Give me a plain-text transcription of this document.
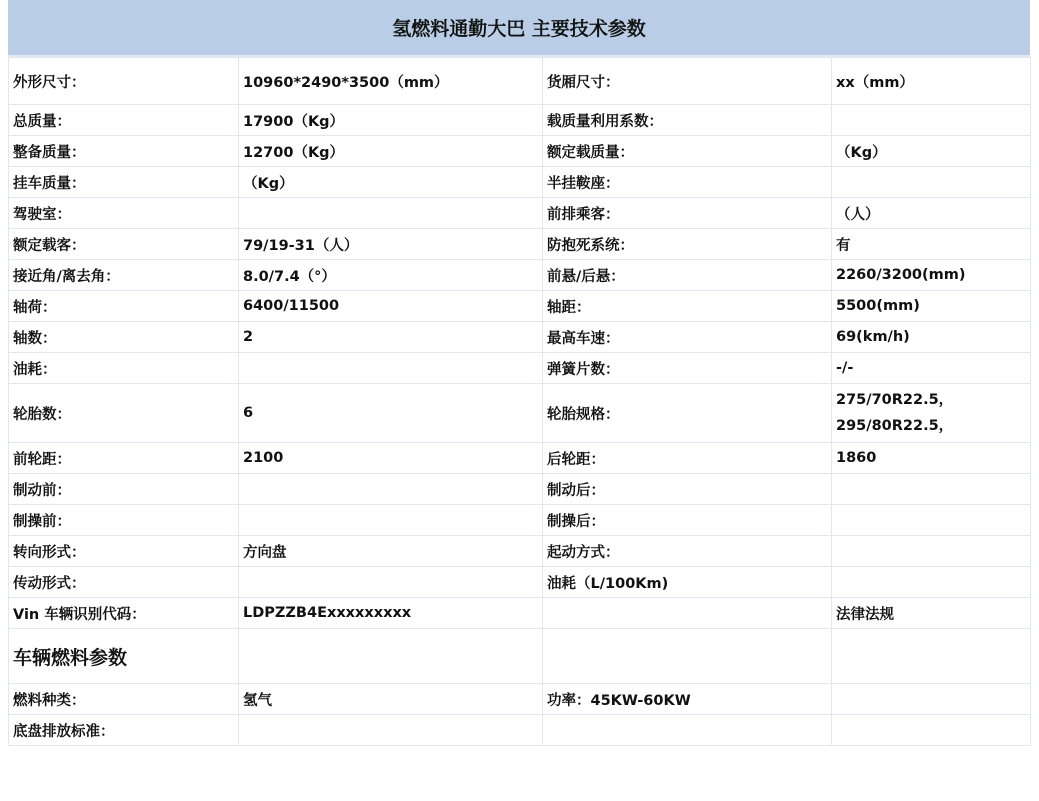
氢燃料通勤大巴 主要技术参数
外形尺寸：	10960*2490*3500（mm）	货厢尺寸：	xx（mm）
总质量：	17900（Kg）	载质量利用系数：	
整备质量：	12700（Kg）	额定载质量：	（Kg）
挂车质量：	（Kg）	半挂鞍座：	
驾驶室：		前排乘客：	（人）
额定载客：	79/19-31（人）	防抱死系统：	有
接近角/离去角：	8.0/7.4（°）	前悬/后悬：	2260/3200(mm)
轴荷：	6400/11500	轴距：	5500(mm)
轴数：	2	最高车速：	69(km/h)
油耗：		弹簧片数：	-/-
轮胎数：	6	轮胎规格：	275/70R22.5，
295/80R22.5，

前轮距：	2100	后轮距：	1860
制动前：		制动后：	
制操前：		制操后：	
转向形式：	方向盘	起动方式：	
传动形式：		油耗（L/100Km)	
Vin 车辆识别代码：	LDPZZB4Exxxxxxxxx		法律法规
车辆燃料参数			
燃料种类：	氢气	功率：45KW-60KW	
底盘排放标准：			
